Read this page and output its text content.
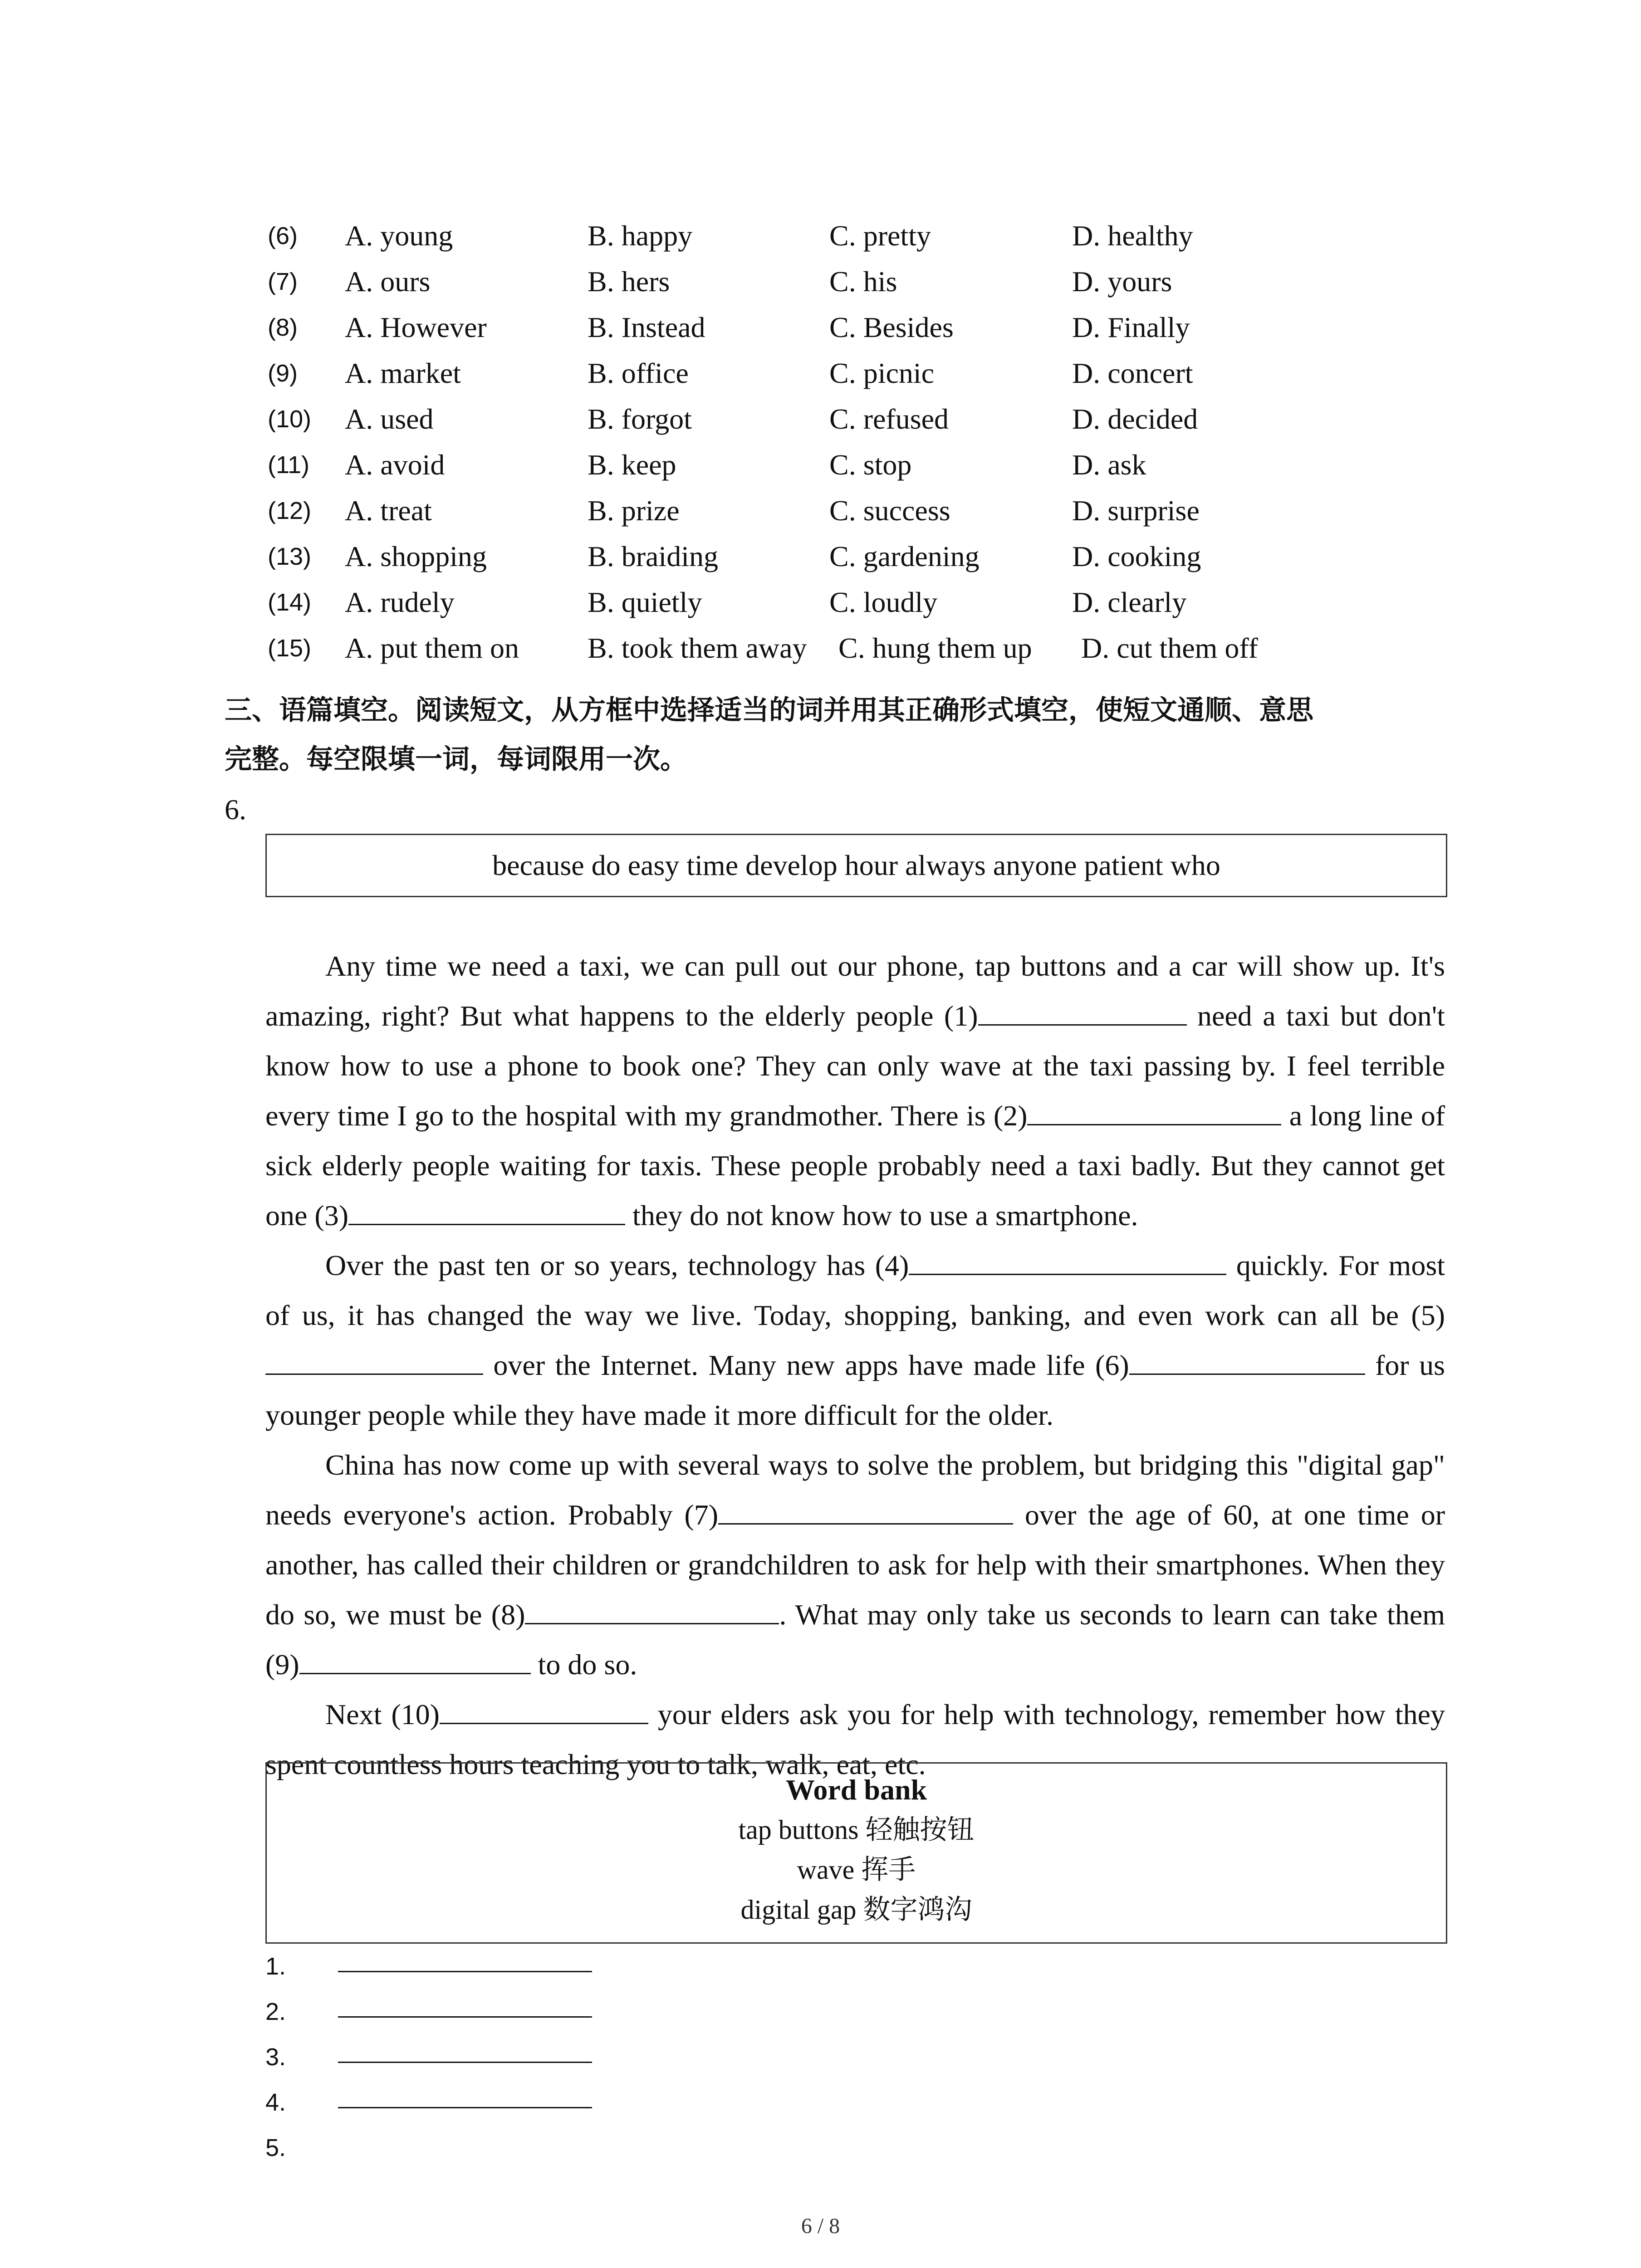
(6) A. young	B. happy	C. pretty	D. healthy
(7) A. ours	B. hers	C. his	D. yours
(8) A. However	B. Instead	C. Besides	D. Finally
(9) A. market	B. office	C. picnic	D. concert
(10) A. used	B. forgot	C. refused	D. decided
(11) A. avoid	B. keep	C. stop	D. ask
(12) A. treat	B. prize	C. success	D. surprise
(13) A. shopping	B. braiding	C. gardening	D. cooking
(14) A. rudely	B. quietly	C. loudly	D. clearly
(15) A. put them on B. took them away C. hung them up D. cut them off
三、语篇填空。阅读短文，从方框中选择适当的词并用其正确形式填空，使短文通顺、意思
完整。每空限填一词，每词限用一次。
6.
because do easy time develop hour always anyone patient who

Any time we need a taxi, we can pull out our phone, tap buttons and a car will show up. It's amazing, right? But what happens to the elderly people (1)	need a taxi but don't know how to use a phone to book one? They can only wave at the taxi passing by. I feel terrible every time I go to the hospital with my grandmother. There is (2)	a long line of sick elderly people waiting for taxis. These people probably need a taxi badly. But they cannot get one (3)	they do not know how to use a smartphone.

Over the past ten or so years, technology has (4)	quickly. For most of us, it has changed the way we live. Today, shopping, banking, and even work can all be (5) over the Internet. Many new apps have made life (6)	for us younger people while they have made it more difficult for the older.

China has now come up with several ways to solve the problem, but bridging this "digital gap" needs everyone's action. Probably (7)	over the age of 60, at one time or another, has called their children or grandchildren to ask for help with their smartphones. When they do so, we must be (8)	. What may only take us seconds to learn can take them (9)	to do so.

Next (10)	your elders ask you for help with technology, remember how they spent countless hours teaching you to talk, walk, eat, etc.

Word bank
tap buttons 轻触按钮
wave 挥手
digital gap 数字鸿沟
1.
2.
3.
4.
5.
6 / 8
